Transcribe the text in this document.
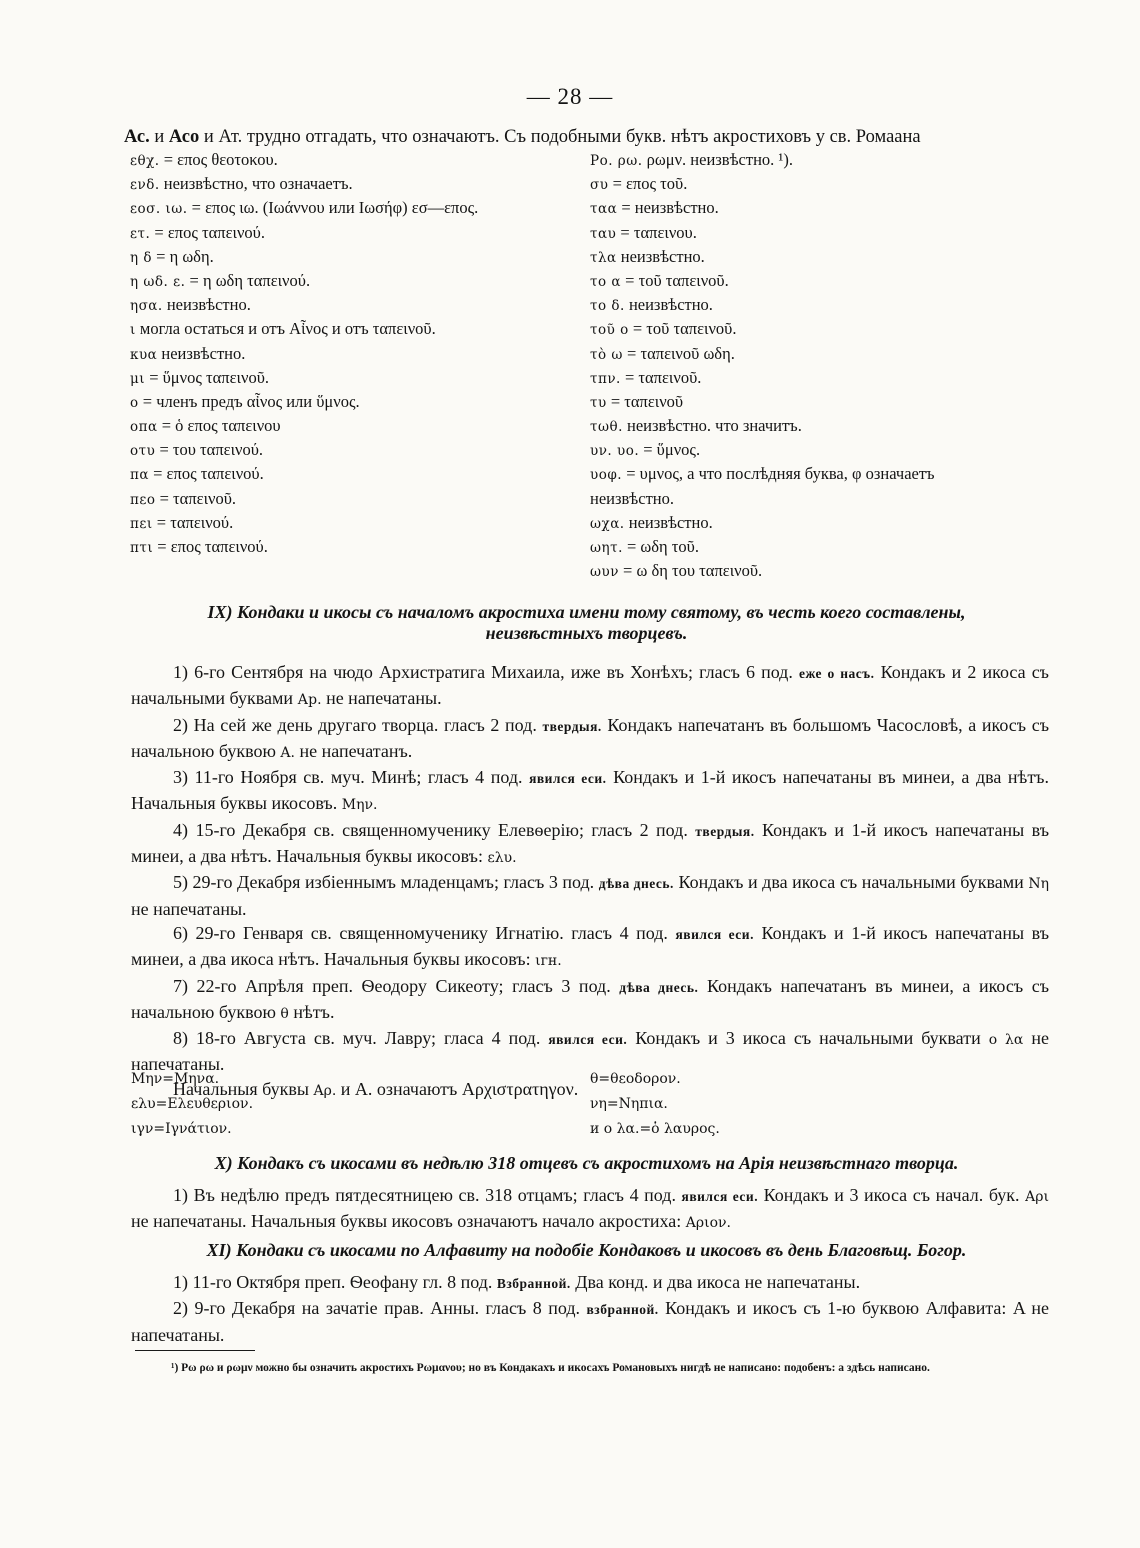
— 28 —
Ас. и Асо и Ат. трудно отгадать, что означаютъ. Съ подобными букв. нѣтъ акростиховъ у св. Ромаана
εθχ. = επος θεοτοκου.
ενδ. неизвѣстно, что означаетъ.
εοσ. ιω. = επος ιω. (Ιωάννου или Ιωσήφ) εσ—επος.
ετ. = επος ταπεινού.
η δ = η ωδη.
η ωδ. ε. = η ωδη ταπεινού.
ησα. неизвѣстно.
ι могла остаться и отъ Αἶνος и отъ ταπεινοῦ.
κυα неизвѣстно.
μι = ὕμνος ταπεινοῦ.
ο = членъ предъ αἶνος или ὕμνος.
οπα = ὁ επος ταπεινου
οτυ = του ταπεινού.
πα = επος ταπεινού.
πεο = ταπεινοῦ.
πει = ταπεινού.
πτι = επος ταπεινού.
Ρο. ρω. ρωμν. неизвѣстно. ¹).
συ = επος τοῦ.
ταα = неизвѣстно.
ταυ = ταπεινου.
τλα неизвѣстно.
το α = τοῦ ταπεινοῦ.
το δ. неизвѣстно.
τοῦ ο = τοῦ ταπεινοῦ.
τὸ ω = ταπεινοῦ ωδη.
τπν. = ταπεινοῦ.
τυ = ταπεινοῦ
τωθ. неизвѣстно. что значитъ.
υν. υο. = ὕμνος.
υοφ. = υμνος, а что послѣдняя буква, φ означаетъ
неизвѣстно.
ωχα. неизвѣстно.
ωητ. = ωδη τοῦ.
ωυν = ω δη του ταπεινοῦ.
IX) Кондаки и икосы съ началомъ акростиха имени тому святому, въ честь коего составлены,
неизвѣстныхъ творцевъ.

1) 6-го Сентября на чюдо Архистратига Михаила, иже въ Хонѣхъ; гласъ 6 под. еже о насъ. Кондакъ и 2 икоса съ начальными буквами Ар. не напечатаны.

2) На сей же день другаго творца. гласъ 2 под. твердыя. Кондакъ напечатанъ въ большомъ Часословѣ, а икосъ съ начальною буквою Α. не напечатанъ.

3) 11-го Ноября св. муч. Минѣ; гласъ 4 под. явился еси. Кондакъ и 1-й икосъ напечатаны въ минеи, а два нѣтъ. Начальныя буквы икосовъ. Μην.

4) 15-го Декабря св. священномученику Елевѳерію; гласъ 2 под. твердыя. Кондакъ и 1-й икосъ напечатаны въ минеи, а два нѣтъ. Начальныя буквы икосовъ: ελυ.

5) 29-го Декабря избіеннымъ младенцамъ; гласъ 3 под. дѣва днесь. Кондакъ и два икоса съ начальными буквами Νη не напечатаны.

6) 29-го Генваря св. священномученику Игнатію. гласъ 4 под. явился еси. Кондакъ и 1-й икосъ напечатаны въ минеи, а два икоса нѣтъ. Начальныя буквы икосовъ: ιгн.

7) 22-го Апрѣля преп. Ѳеодору Сикеоту; гласъ 3 под. дѣва днесь. Кондакъ напечатанъ въ минеи, а икосъ съ начальною буквою θ нѣтъ.

8) 18-го Августа св. муч. Лавру; гласа 4 под. явился еси. Кондакъ и 3 икоса съ начальными буквати ο λα не напечатаны.

Начальныя буквы Αρ. и Α. означаютъ Αρχιστρατηγον.

Μην=Μηνα.	θ=θεοδορον.
ελυ=Ελευθεριον.	νη=Νηπια.
ιγν=Ιγνάτιον.	и ο λα.=ὁ λαυρος.
X) Кондакъ съ икосами въ недѣлю 318 отцевъ съ акростихомъ на Арія неизвѣстнаго творца.

1) Въ недѣлю предъ пятдесятницею св. 318 отцамъ; гласъ 4 под. явился еси. Кондакъ и 3 икоса съ начал. бук. Αρι не напечатаны. Начальныя буквы икосовъ означаютъ начало акростиха: Αριον.

XI) Кондаки съ икосами по Алфавиту на подобіе Кондаковъ и икосовъ въ день Благовѣщ. Богор.

1) 11-го Октября преп. Ѳеофану гл. 8 под. Взбранной. Два конд. и два икоса не напечатаны.

2) 9-го Декабря на зачатіе прав. Анны. гласъ 8 под. взбранной. Кондакъ и икосъ съ 1-ю буквою Алфавита: Α не напечатаны.

¹) Ρω ρω и ρωμν можно бы означить акростихъ Ρωμανου; но въ Кондакахъ и икосахъ Романовыхъ нигдѣ не написано: подобенъ: а здѣсь написано.
